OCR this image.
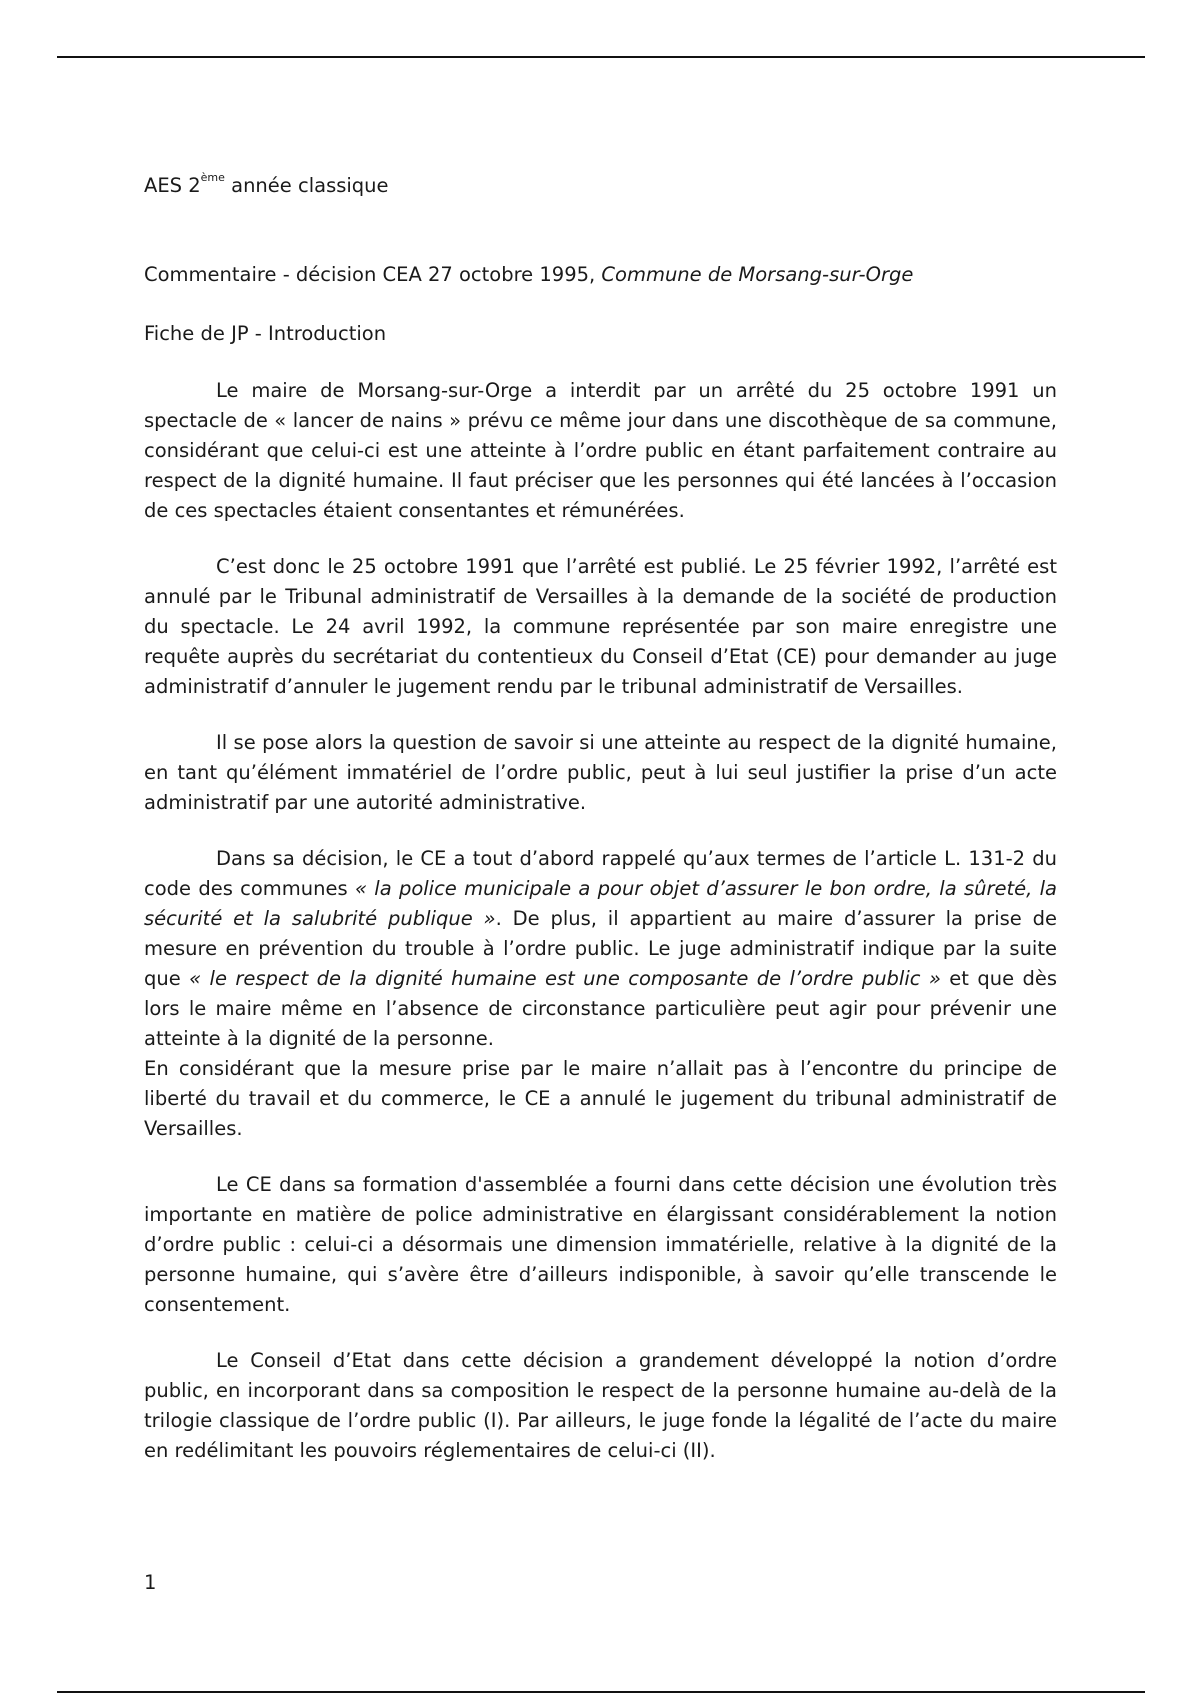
AES 2ème année classique

Commentaire - décision CEA 27 octobre 1995, Commune de Morsang-sur-Orge

Fiche de JP - Introduction

Le maire de Morsang-sur-Orge a interdit par un arrêté du 25 octobre 1991 un spectacle de « lancer de nains » prévu ce même jour dans une discothèque de sa commune, considérant que celui-ci est une atteinte à l’ordre public en étant parfaitement contraire au respect de la dignité humaine. Il faut préciser que les personnes qui été lancées à l’occasion de ces spectacles étaient consentantes et rémunérées.

C’est donc le 25 octobre 1991 que l’arrêté est publié. Le 25 février 1992, l’arrêté est annulé par le Tribunal administratif de Versailles à la demande de la société de production du spectacle. Le 24 avril 1992, la commune représentée par son maire enregistre une requête auprès du secrétariat du contentieux du Conseil d’Etat (CE) pour demander au juge administratif d’annuler le jugement rendu par le tribunal administratif de Versailles.

Il se pose alors la question de savoir si une atteinte au respect de la dignité humaine, en tant qu’élément immatériel de l’ordre public, peut à lui seul justifier la prise d’un acte administratif par une autorité administrative.

Dans sa décision, le CE a tout d’abord rappelé qu’aux termes de l’article L. 131-2 du code des communes « la police municipale a pour objet d’assurer le bon ordre, la sûreté, la sécurité et la salubrité publique ». De plus, il appartient au maire d’assurer la prise de mesure en prévention du trouble à l’ordre public. Le juge administratif indique par la suite que « le respect de la dignité humaine est une composante de l’ordre public » et que dès lors le maire même en l’absence de circonstance particulière peut agir pour prévenir une atteinte à la dignité de la personne.

En considérant que la mesure prise par le maire n’allait pas à l’encontre du principe de liberté du travail et du commerce, le CE a annulé le jugement du tribunal administratif de Versailles.

Le CE dans sa formation d'assemblée a fourni dans cette décision une évolution très importante en matière de police administrative en élargissant considérablement la notion d’ordre public : celui-ci a désormais une dimension immatérielle, relative à la dignité de la personne humaine, qui s’avère être d’ailleurs indisponible, à savoir qu’elle transcende le consentement.

Le Conseil d’Etat dans cette décision a grandement développé la notion d’ordre public, en incorporant dans sa composition le respect de la personne humaine au-delà de la trilogie classique de l’ordre public (I). Par ailleurs, le juge fonde la légalité de l’acte du maire en redélimitant les pouvoirs réglementaires de celui-ci (II).

1
